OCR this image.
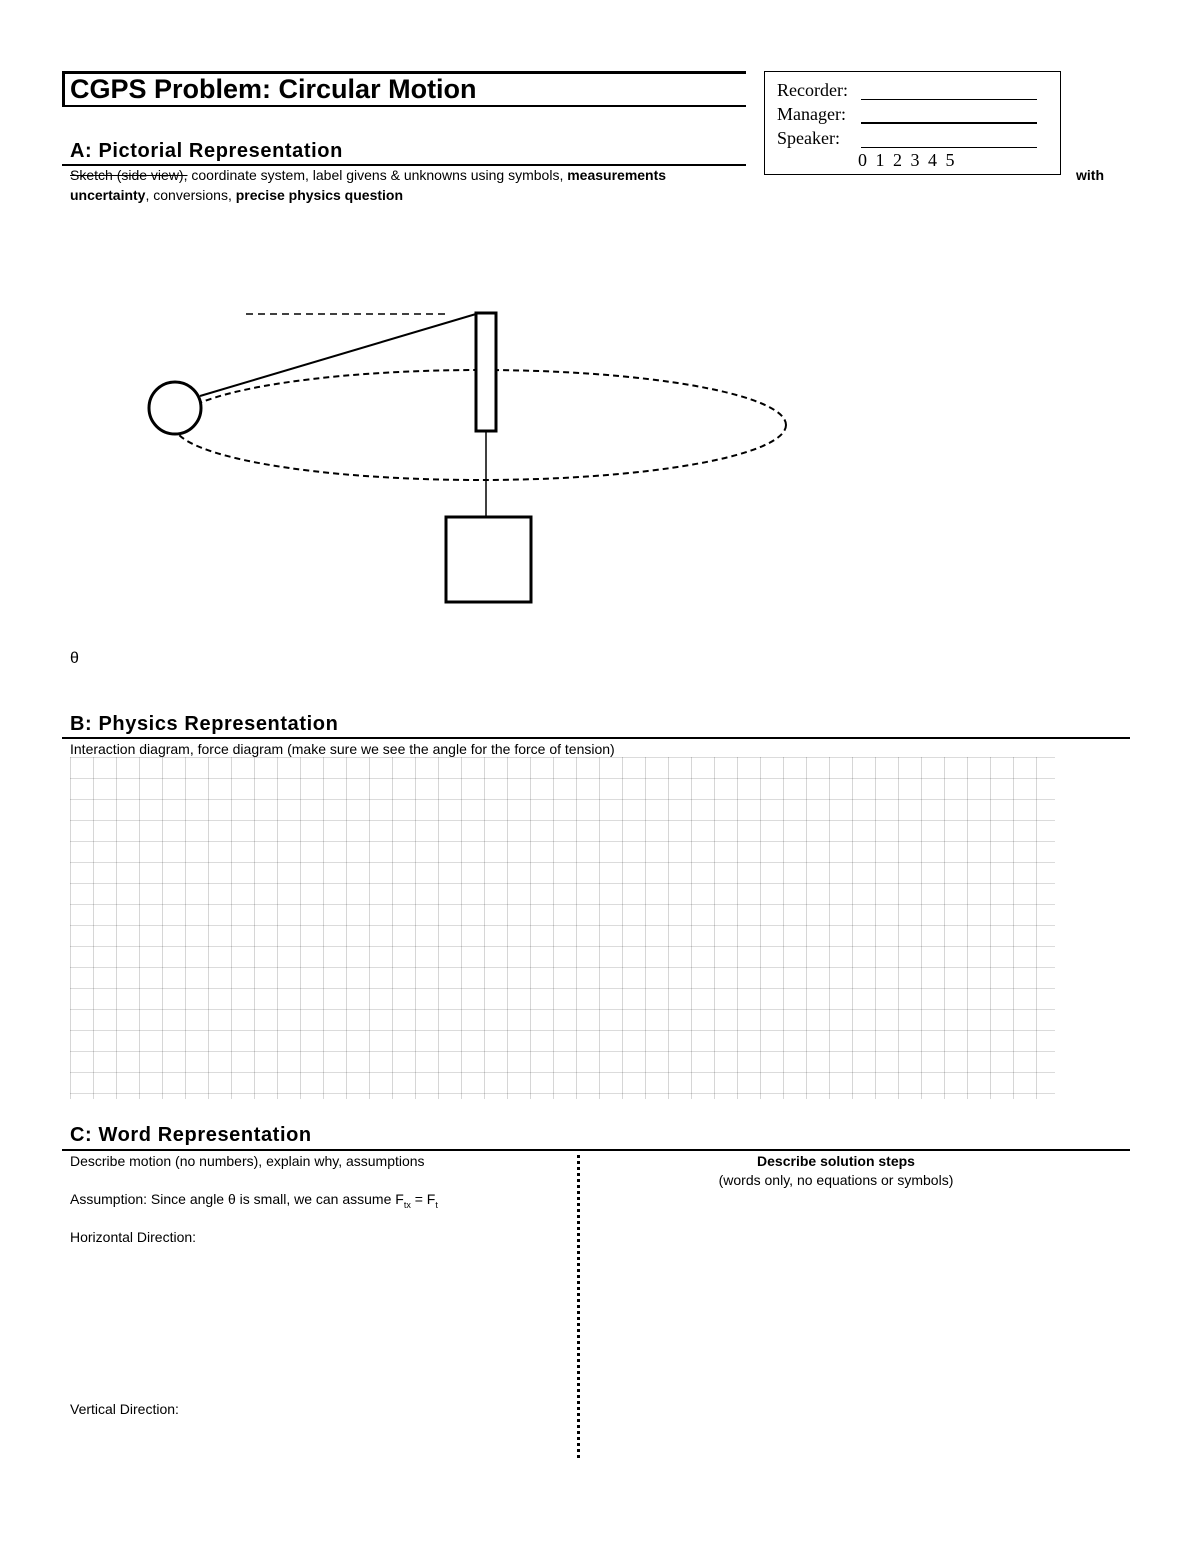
CGPS Problem: Circular Motion	Recorder:
Manager:
Speaker:
0 1 2 3 4 5
A: Pictorial Representation
Sketch (side view), coordinate system, label givens & unknowns using symbols, measurements	with
uncertainty, conversions, precise physics question
θ
B: Physics Representation
Interaction diagram, force diagram (make sure we see the angle for the force of tension)
C: Word Representation
Describe motion (no numbers), explain why, assumptions
Assumption: Since angle θ is small, we can assume $F_{tx} = F_t$
Horizontal Direction:
Vertical Direction:
Describe solution steps
(words only, no equations or symbols)
